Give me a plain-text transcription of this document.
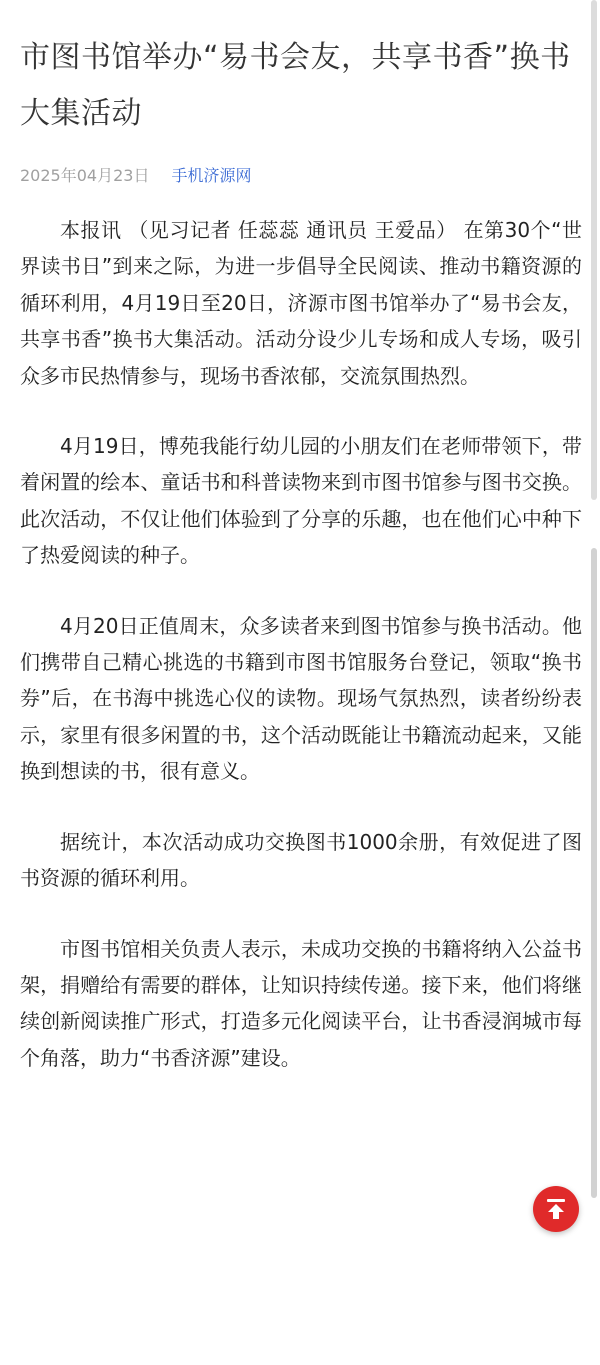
市图书馆举办“易书会友，共享书香”换书大集活动
2025年04月23日 手机济源网

本报讯 （见习记者 任蕊蕊 通讯员 王爱品） 在第30个“世界读书日”到来之际，为进一步倡导全民阅读、推动书籍资源的循环利用，4月19日至20日，济源市图书馆举办了“易书会友，共享书香”换书大集活动。活动分设少儿专场和成人专场，吸引众多市民热情参与，现场书香浓郁，交流氛围热烈。

4月19日，博苑我能行幼儿园的小朋友们在老师带领下，带着闲置的绘本、童话书和科普读物来到市图书馆参与图书交换。此次活动，不仅让他们体验到了分享的乐趣，也在他们心中种下了热爱阅读的种子。

4月20日正值周末，众多读者来到图书馆参与换书活动。他们携带自己精心挑选的书籍到市图书馆服务台登记，领取“换书券”后，在书海中挑选心仪的读物。现场气氛热烈，读者纷纷表示，家里有很多闲置的书，这个活动既能让书籍流动起来，又能换到想读的书，很有意义。

据统计，本次活动成功交换图书1000余册，有效促进了图书资源的循环利用。

市图书馆相关负责人表示，未成功交换的书籍将纳入公益书架，捐赠给有需要的群体，让知识持续传递。接下来，他们将继续创新阅读推广形式，打造多元化阅读平台，让书香浸润城市每个角落，助力“书香济源”建设。
